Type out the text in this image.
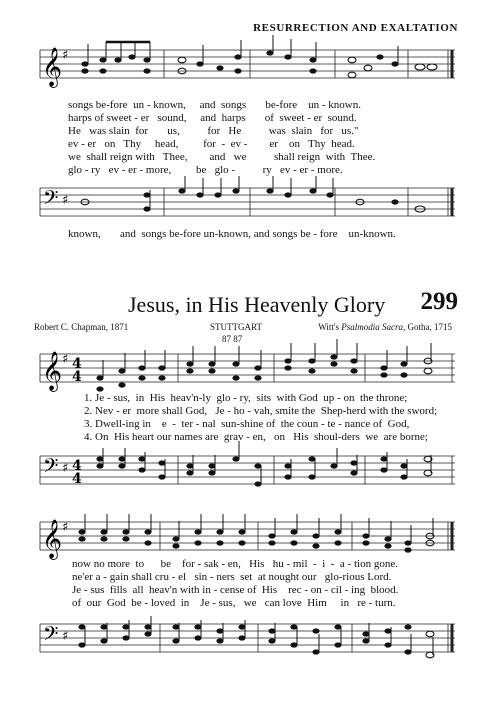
RESURRECTION AND EXALTATION
𝄞 ♯
songs be-fore  un - known,     and  songs       be-fore    un - known.
harps of sweet - er   sound,     and  harps       of  sweet - er  sound.
He   was slain  for       us,          for   He          was  slain   for   us."
ev - er   on   Thy     head,         for  -  ev -        er    on   Thy  head.
we  shall reign with   Thee,        and   we          shall reign  with  Thee.
glo - ry   ev - er - more,         be   glo -          ry   ev - er - more.
𝄢 ♯
known,       and  songs be-fore un-known, and songs be - fore    un-known.
Jesus, in His Heavenly Glory 299
Robert C. Chapman, 1871	STUTTGART
87 87
Witt's Psalmodia Sacra, Gotha, 1715
𝄞 ♯ 4
4
1. Je - sus,  in  His  heav'n-ly  glo - ry,  sits  with God  up - on  the throne;
2. Nev - er  more shall God,   Je - ho - vah, smite the  Shep-herd with the sword;
3. Dwell-ing in    e  -  ter - nal  sun-shine of  the coun - te - nance of  God,
4. On  His heart our names are  grav - en,   on   His  shoul-ders  we  are borne;
𝄢 ♯ 4
4
𝄞 ♯
now no more  to      be    for - sak - en,   His   hu - mil  -  i  -  a - tion gone.
ne'er a - gain shall cru - el   sin - ners  set  at nought our   glo-rious Lord.
Je - sus  fills  all  heav'n with in - cense of  His    rec - on - cil - ing  blood.
of  our  God  be - loved  in    Je - sus,   we   can love  Him     in   re - turn.
𝄢 ♯
